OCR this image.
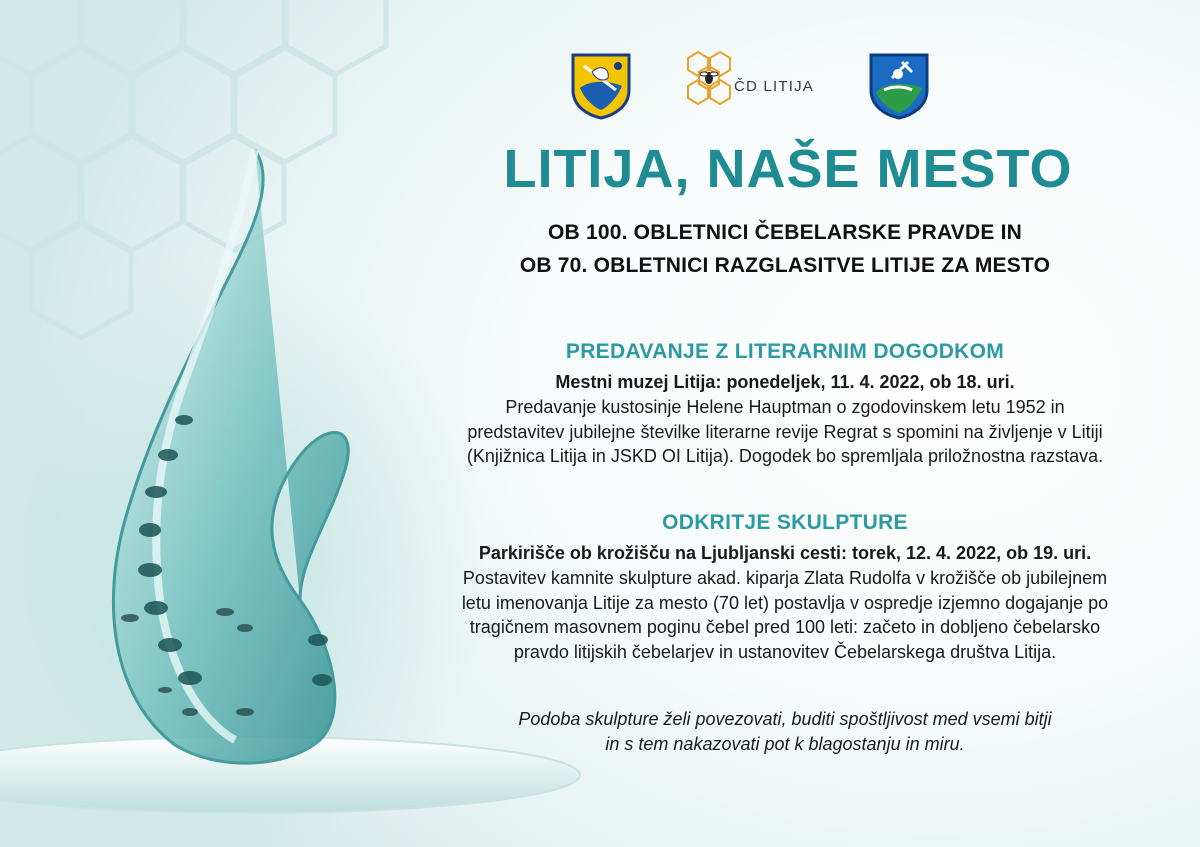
ČD LITIJA
LITIJA, NAŠE MESTO

OB 100. OBLETNICI ČEBELARSKE PRAVDE IN

OB 70. OBLETNICI RAZGLASITVE LITIJE ZA MESTO

PREDAVANJE Z LITERARNIM DOGODKOM

Mestni muzej Litija: ponedeljek, 11. 4. 2022, ob 18. uri.

Predavanje kustosinje Helene Hauptman o zgodovinskem letu 1952 in
predstavitev jubilejne številke literarne revije Regrat s spomini na življenje v Litiji
(Knjižnica Litija in JSKD OI Litija). Dogodek bo spremljala priložnostna razstava.
ODKRITJE SKULPTURE

Parkirišče ob krožišču na Ljubljanski cesti: torek, 12. 4. 2022, ob 19. uri.

Postavitev kamnite skulpture akad. kiparja Zlata Rudolfa v krožišče ob jubilejnem
letu imenovanja Litije za mesto (70 let) postavlja v ospredje izjemno dogajanje po
tragičnem masovnem poginu čebel pred 100 leti: začeto in dobljeno čebelarsko
pravdo litijskih čebelarjev in ustanovitev Čebelarskega društva Litija.
Podoba skulpture želi povezovati, buditi spoštljivost med vsemi bitji
in s tem nakazovati pot k blagostanju in miru.
